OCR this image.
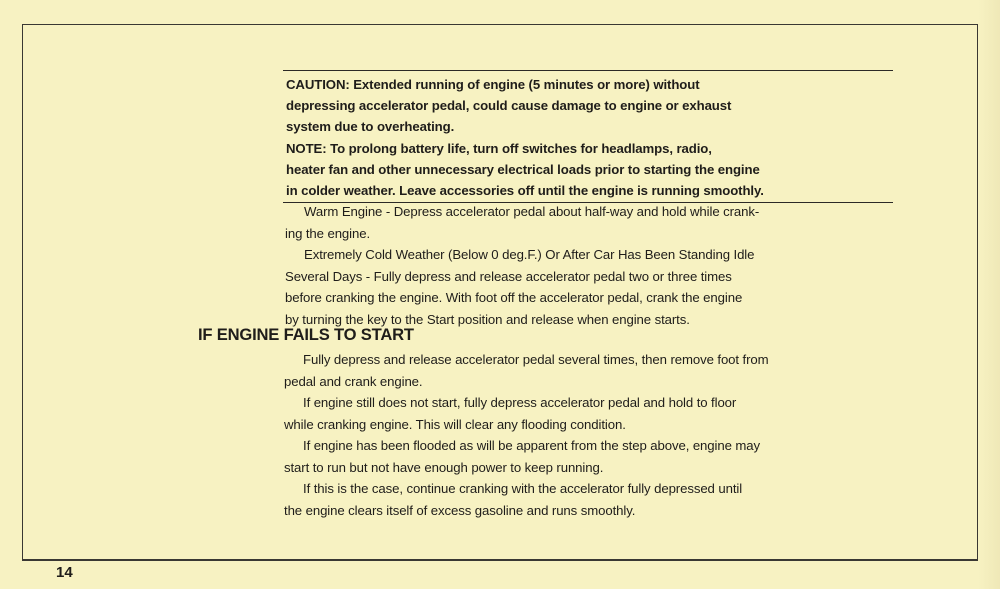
CAUTION: Extended running of engine (5 minutes or more) without
depressing accelerator pedal, could cause damage to engine or exhaust
system due to overheating.
NOTE: To prolong battery life, turn off switches for headlamps, radio,
heater fan and other unnecessary electrical loads prior to starting the engine
in colder weather. Leave accessories off until the engine is running smoothly.
Warm Engine - Depress accelerator pedal about half-way and hold while crank-
ing the engine.
Extremely Cold Weather (Below 0 deg.F.) Or After Car Has Been Standing Idle
Several Days - Fully depress and release accelerator pedal two or three times
before cranking the engine. With foot off the accelerator pedal, crank the engine
by turning the key to the Start position and release when engine starts.
IF ENGINE FAILS TO START
Fully depress and release accelerator pedal several times, then remove foot from
pedal and crank engine.
If engine still does not start, fully depress accelerator pedal and hold to floor
while cranking engine. This will clear any flooding condition.
If engine has been flooded as will be apparent from the step above, engine may
start to run but not have enough power to keep running.
If this is the case, continue cranking with the accelerator fully depressed until
the engine clears itself of excess gasoline and runs smoothly.
14
